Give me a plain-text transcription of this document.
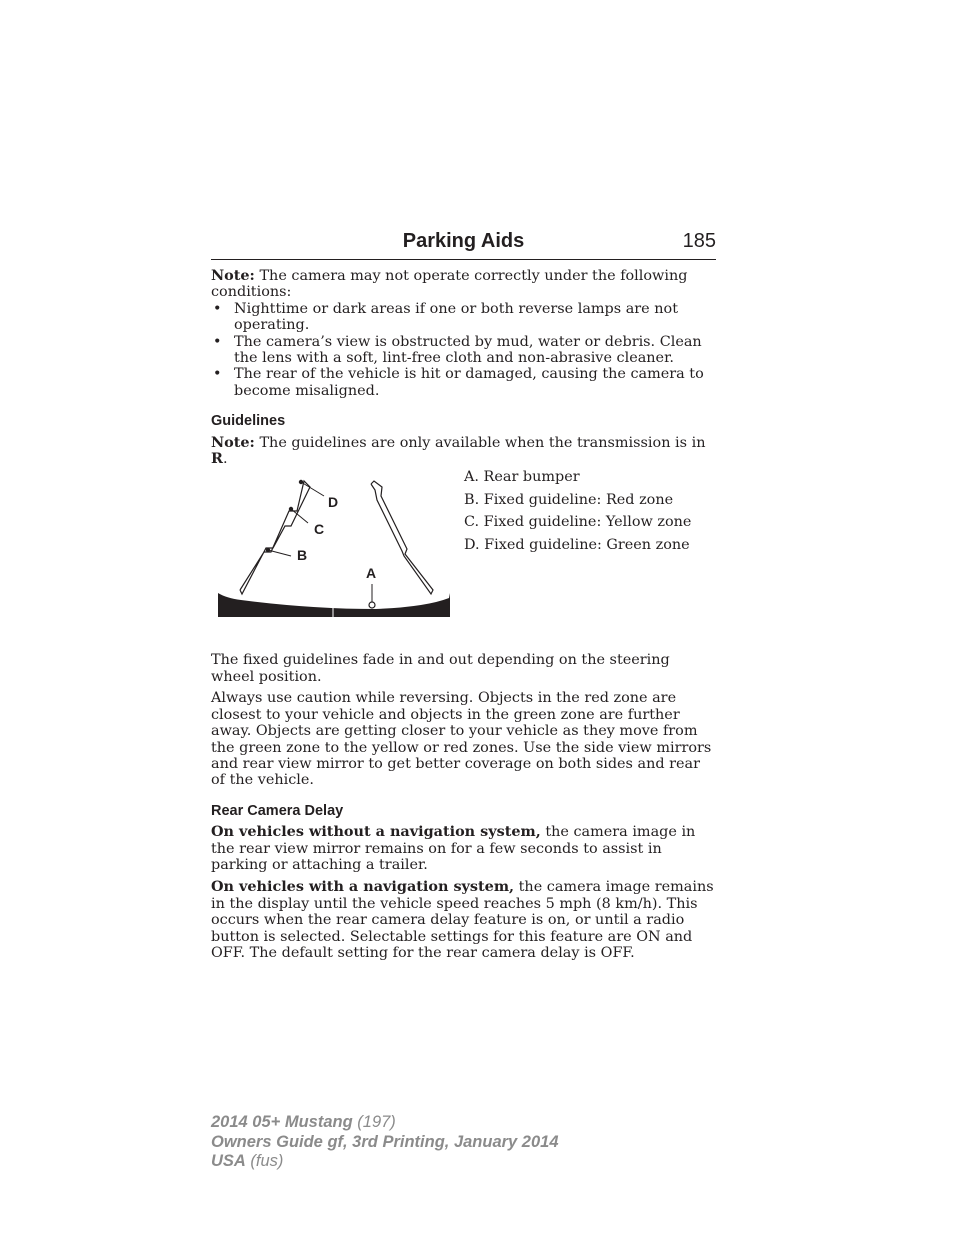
Parking Aids	185

Note: The camera may not operate correctly under the following conditions:

• Nighttime or dark areas if one or both reverse lamps are not operating.
• The camera’s view is obstructed by mud, water or debris. Clean the lens with a soft, lint-free cloth and non-abrasive cleaner.
• The rear of the vehicle is hit or damaged, causing the camera to become misaligned.
Guidelines

Note: The guidelines are only available when the transmission is in R.

D
C
B
A
A. Rear bumper
B. Fixed guideline: Red zone
C. Fixed guideline: Yellow zone
D. Fixed guideline: Green zone

The fixed guidelines fade in and out depending on the steering wheel position.

Always use caution while reversing. Objects in the red zone are closest to your vehicle and objects in the green zone are further away. Objects are getting closer to your vehicle as they move from the green zone to the yellow or red zones. Use the side view mirrors and rear view mirror to get better coverage on both sides and rear of the vehicle.

Rear Camera Delay

On vehicles without a navigation system, the camera image in the rear view mirror remains on for a few seconds to assist in parking or attaching a trailer.

On vehicles with a navigation system, the camera image remains in the display until the vehicle speed reaches 5 mph (8 km/h). This occurs when the rear camera delay feature is on, or until a radio button is selected. Selectable settings for this feature are ON and OFF. The default setting for the rear camera delay is OFF.

2014 05+ Mustang (197)
Owners Guide gf, 3rd Printing, January 2014
USA (fus)
